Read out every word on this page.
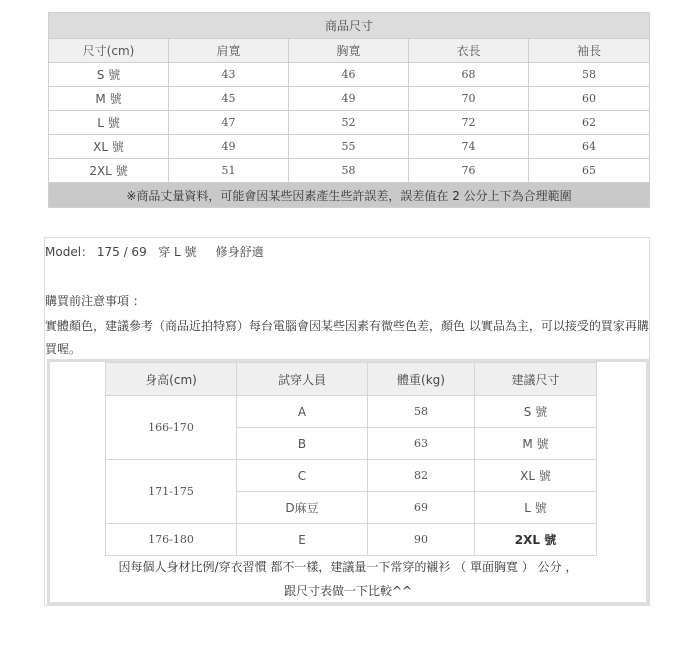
商品尺寸				
尺寸(cm)	肩寬	胸寬	衣長	袖長
S 號	43	46	68	58
M 號	45	49	70	60
L 號	47	52	72	62
XL 號	49	55	74	64
2XL 號	51	58	76	65
※商品丈量資料，可能會因某些因素產生些許誤差，誤差值在 2 公分上下為合理範圍				
Model： 175 / 69 穿 L 號 修身舒適
購買前注意事項 ：
實體顏色，建議參考（商品近拍特寫）每台電腦會因某些因素有微些色差，顏色 以實品為主，可以接受的買家再購買喔。
身高(cm)	試穿人員	體重(kg)	建議尺寸
166-170	A	58	S 號
	B	63	M 號
171-175	C	82	XL 號
	D麻豆	69	L 號
176-180	E	90	2XL 號
因每個人身材比例/穿衣習慣 都不一樣，建議量一下常穿的襯衫 （ 單面胸寬 ） 公分 ，
跟尺寸表做一下比較^^
